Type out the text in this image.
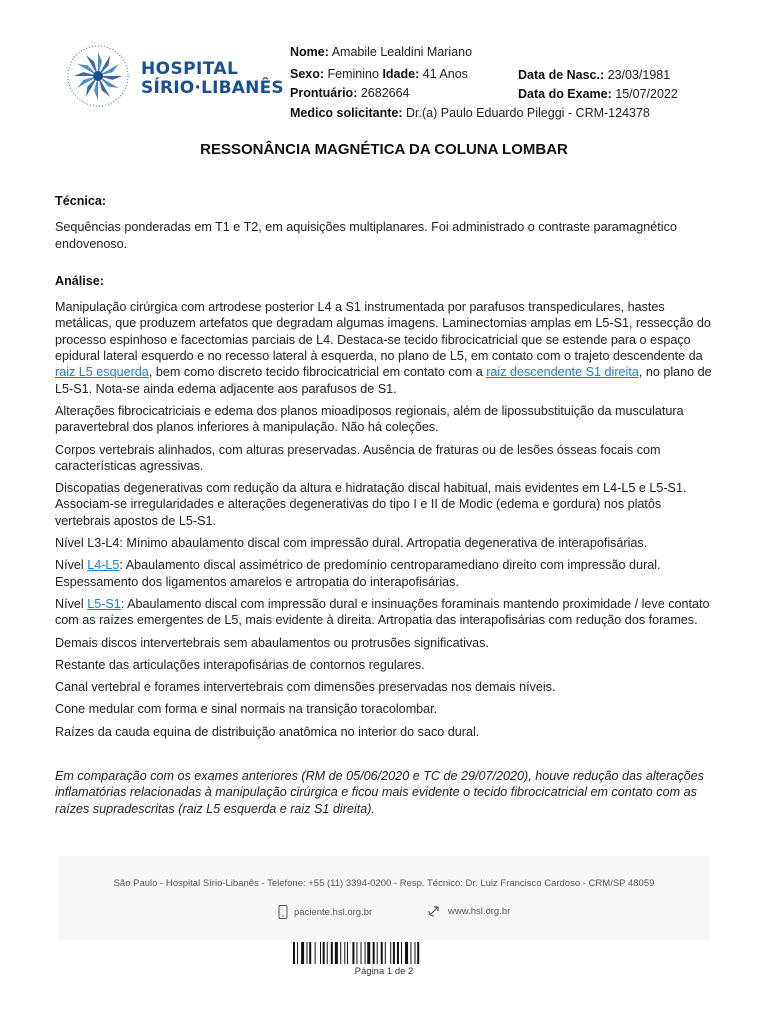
HOSPITAL
SÍRIO·LIBANÊS
Nome: Amabile Lealdini Mariano
Sexo: Feminino Idade: 41 Anos
Prontuário: 2682664
Medico solicitante: Dr.(a) Paulo Eduardo Pileggi - CRM-124378
Data de Nasc.: 23/03/1981
Data do Exame: 15/07/2022
RESSONÂNCIA MAGNÉTICA DA COLUNA LOMBAR
Técnica:

Sequências ponderadas em T1 e T2, em aquisições multiplanares. Foi administrado o contraste paramagnético endovenoso.

Análise:

Manipulação cirúrgica com artrodese posterior L4 a S1 instrumentada por parafusos transpediculares, hastes metálicas, que produzem artefatos que degradam algumas imagens. Laminectomias amplas em L5-S1, ressecção do processo espinhoso e facectomias parciais de L4. Destaca-se tecido fibrocicatricial que se estende para o espaço epidural lateral esquerdo e no recesso lateral à esquerda, no plano de L5, em contato com o trajeto descendente da raiz L5 esquerda, bem como discreto tecido fibrocicatricial em contato com a raiz descendente S1 direita, no plano de L5-S1. Nota-se ainda edema adjacente aos parafusos de S1.

Alterações fibrocicatriciais e edema dos planos mioadiposos regionais, além de lipossubstituição da musculatura paravertebral dos planos inferiores à manipulação. Não há coleções.

Corpos vertebrais alinhados, com alturas preservadas. Ausência de fraturas ou de lesões ósseas focais com características agressivas.

Discopatias degenerativas com redução da altura e hidratação discal habitual, mais evidentes em L4-L5 e L5-S1. Associam-se irregularidades e alterações degenerativas do tipo I e II de Modic (edema e gordura) nos platôs vertebrais apostos de L5-S1.

Nível L3-L4: Mínimo abaulamento discal com impressão dural. Artropatia degenerativa de interapofisárias.

Nível L4-L5: Abaulamento discal assimétrico de predomínio centroparamediano direito com impressão dural. Espessamento dos ligamentos amarelos e artropatia do interapofisárias.

Nível L5-S1: Abaulamento discal com impressão dural e insinuações foraminais mantendo proximidade / leve contato com as raízes emergentes de L5, mais evidente à direita. Artropatia das interapofisárias com redução dos forames.

Demais discos intervertebrais sem abaulamentos ou protrusões significativas.

Restante das articulações interapofisárias de contornos regulares.

Canal vertebral e forames intervertebrais com dimensões preservadas nos demais níveis.

Cone medular com forma e sinal normais na transição toracolombar.

Raízes da cauda equina de distribuição anatômica no interior do saco dural.

Em comparação com os exames anteriores (RM de 05/06/2020 e TC de 29/07/2020), houve redução das alterações inflamatórias relacionadas à manipulação cirúrgica e ficou mais evidente o tecido fibrocicatricial em contato com as raízes supradescritas (raiz L5 esquerda e raiz S1 direita).

São Paulo - Hospital Sírio-Libanês - Telefone: +55 (11) 3394-0200 - Resp. Técnico: Dr. Luiz Francisco Cardoso - CRM/SP 48059
paciente.hsl.org.br	www.hsl.org.br
Página 1 de 2
